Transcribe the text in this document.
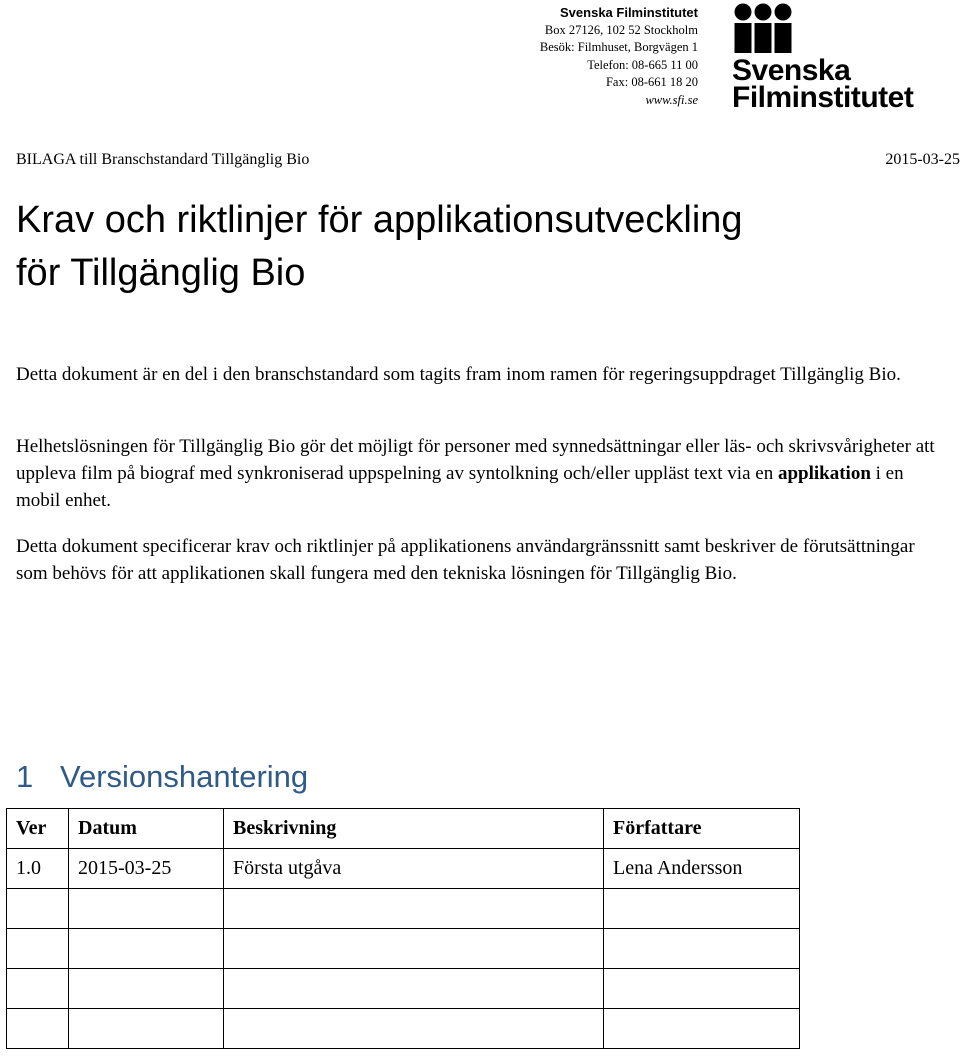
Svenska Filminstitutet
Box 27126, 102 52 Stockholm
Besök: Filmhuset, Borgvägen 1
Telefon: 08-665 11 00
Fax: 08-661 18 20
www.sfi.se
Svenska
Filminstitutet
BILAGA till Branschstandard Tillgänglig Bio	2015-03-25
Krav och riktlinjer för applikationsutveckling
för Tillgänglig Bio

Detta dokument är en del i den branschstandard som tagits fram inom ramen för regeringsuppdraget Tillgänglig Bio.

Helhetslösningen för Tillgänglig Bio gör det möjligt för personer med synnedsättningar eller läs- och skrivsvårigheter att uppleva film på biograf med synkroniserad uppspelning av syntolkning och/eller uppläst text via en applikation i en mobil enhet.

Detta dokument specificerar krav och riktlinjer på applikationens användargränssnitt samt beskriver de förutsättningar som behövs för att applikationen skall fungera med den tekniska lösningen för Tillgänglig Bio.

1 Versionshantering
Ver	Datum	Beskrivning	Författare
1.0	2015-03-25	Första utgåva	Lena Andersson
